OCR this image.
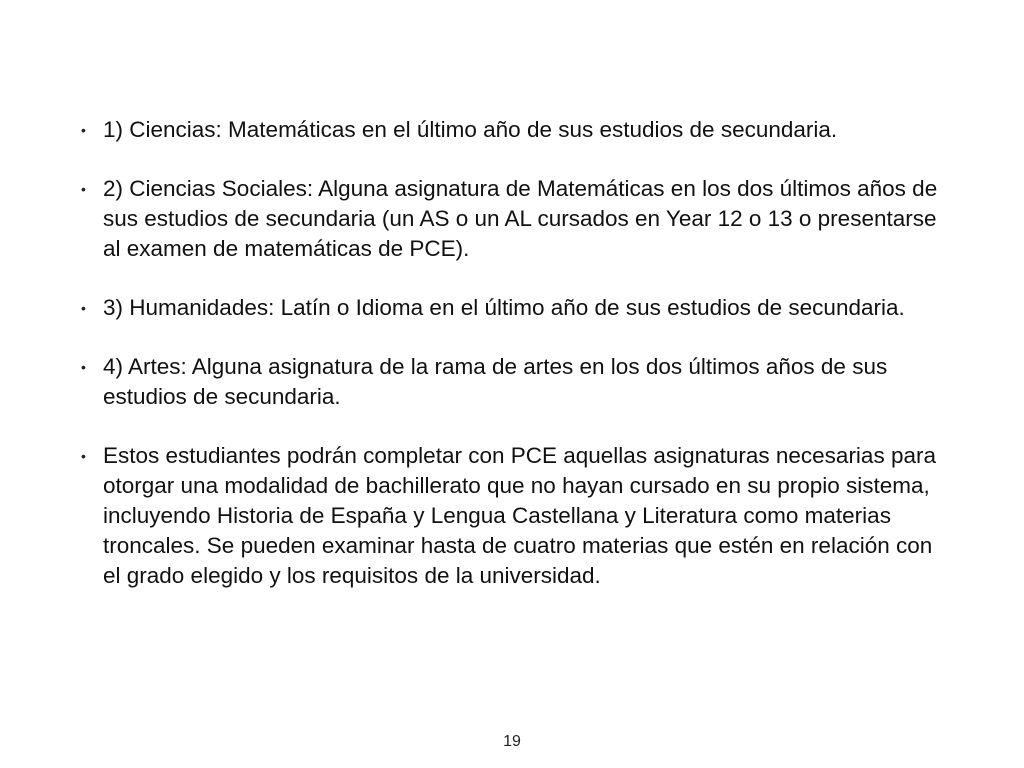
• 1) Ciencias: Matemáticas en el último año de sus estudios de secundaria.
• 2) Ciencias Sociales: Alguna asignatura de Matemáticas en los dos últimos años de sus estudios de secundaria (un AS o un AL cursados en Year 12 o 13 o presentarse al examen de matemáticas de PCE).
• 3) Humanidades: Latín o Idioma en el último año de sus estudios de secundaria.
• 4) Artes: Alguna asignatura de la rama de artes en los dos últimos años de sus estudios de secundaria.
• Estos estudiantes podrán completar con PCE aquellas asignaturas necesarias para otorgar una modalidad de bachillerato que no hayan cursado en su propio sistema, incluyendo Historia de España y Lengua Castellana y Literatura como materias troncales. Se pueden examinar hasta de cuatro materias que estén en relación con el grado elegido y los requisitos de la universidad.
19
